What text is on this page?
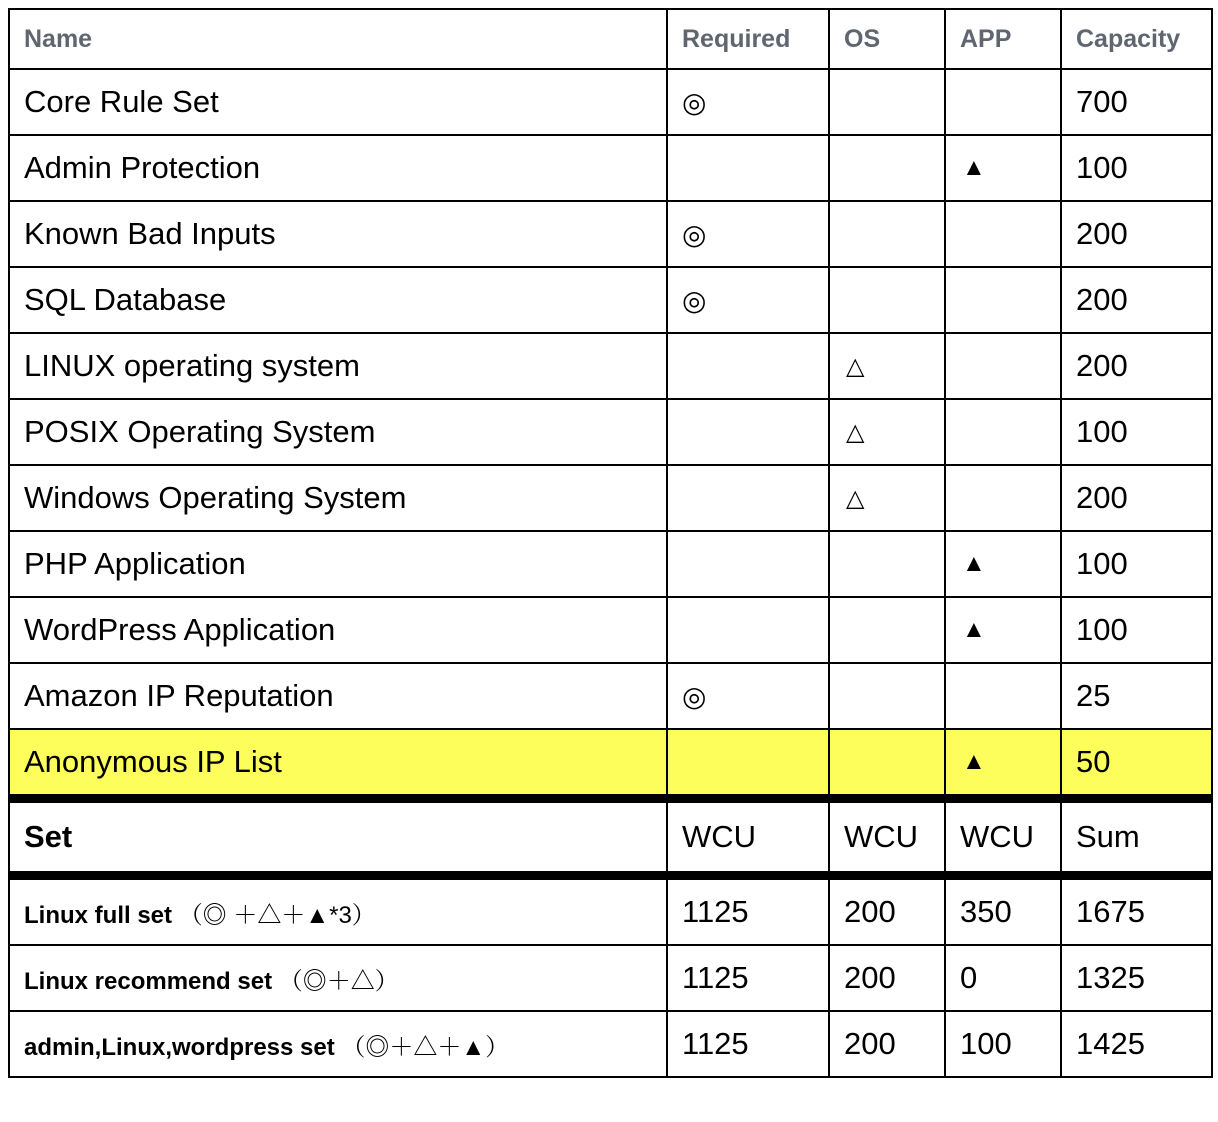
Name	Required	OS	APP	Capacity
Core Rule Set	◎			700
Admin Protection			▲	100
Known Bad Inputs	◎			200
SQL Database	◎			200
LINUX operating system		△		200
POSIX Operating System		△		100
Windows Operating System		△		200
PHP Application			▲	100
WordPress Application			▲	100
Amazon IP Reputation	◎			25
Anonymous IP List			▲	50
Set	WCU	WCU	WCU	Sum
Linux full set （◎ ＋△＋▲*3）	1125	200	350	1675
Linux recommend set （◎＋△）	1125	200	0	1325
admin,Linux,wordpress set （◎＋△＋▲）	1125	200	100	1425
